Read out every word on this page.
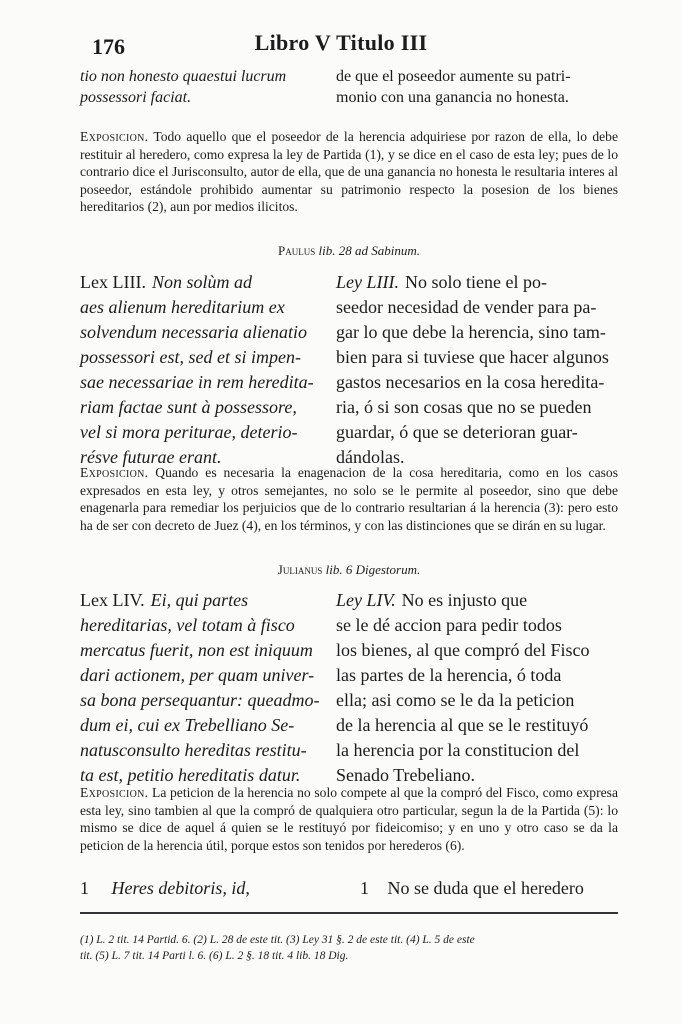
176	Libro V Titulo III
tio non honesto quaestui lucrum
possessori faciat.
de que el poseedor aumente su patri-
monio con una ganancia no honesta.
Exposicion. Todo aquello que el poseedor de la herencia adquiriese por razon de ella, lo debe restituir al heredero, como expresa la ley de Partida (1), y se dice en el caso de esta ley; pues de lo contrario dice el Jurisconsulto, autor de ella, que de una ganancia no honesta le resultaria interes al poseedor, estándole prohibido aumentar su patrimonio respecto la posesion de los bienes hereditarios (2), aun por medios ilicitos.
Paulus lib. 28 ad Sabinum.
Lex LIII. Non solùm ad
aes alienum hereditarium ex
solvendum necessaria alienatio
possessori est, sed et si impen-
sae necessariae in rem heredita-
riam factae sunt à possessore,
vel si mora periturae, deterio-
résve futurae erant.
Ley LIII. No solo tiene el po-
seedor necesidad de vender para pa-
gar lo que debe la herencia, sino tam-
bien para si tuviese que hacer algunos
gastos necesarios en la cosa heredita-
ria, ó si son cosas que no se pueden
guardar, ó que se deterioran guar-
dándolas.
Exposicion. Quando es necesaria la enagenacion de la cosa hereditaria, como en los casos expresados en esta ley, y otros semejantes, no solo se le permite al poseedor, sino que debe enagenarla para remediar los perjuicios que de lo contrario resultarian á la herencia (3): pero esto ha de ser con decreto de Juez (4), en los términos, y con las distinciones que se dirán en su lugar.
Julianus lib. 6 Digestorum.
Lex LIV. Ei, qui partes
hereditarias, vel totam à fisco
mercatus fuerit, non est iniquum
dari actionem, per quam univer-
sa bona persequantur: queadmo-
dum ei, cui ex Trebelliano Se-
natusconsulto hereditas restitu-
ta est, petitio hereditatis datur.
Ley LIV. No es injusto que
se le dé accion para pedir todos
los bienes, al que compró del Fisco
las partes de la herencia, ó toda
ella; asi como se le da la peticion
de la herencia al que se le restituyó
la herencia por la constitucion del
Senado Trebeliano.
Exposicion. La peticion de la herencia no solo compete al que la compró del Fisco, como expresa esta ley, sino tambien al que la compró de qualquiera otro particular, segun la de la Partida (5): lo mismo se dice de aquel á quien se le restituyó por fideicomiso; y en uno y otro caso se da la peticion de la herencia útil, porque estos son tenidos por herederos (6).
1 Heres debitoris, id,	1 No se duda que el heredero
(1) L. 2 tit. 14 Partid. 6. (2) L. 28 de este tit. (3) Ley 31 §. 2 de este tit. (4) L. 5 de este
tit. (5) L. 7 tit. 14 Parti l. 6. (6) L. 2 §. 18 tit. 4 lib. 18 Dig.
